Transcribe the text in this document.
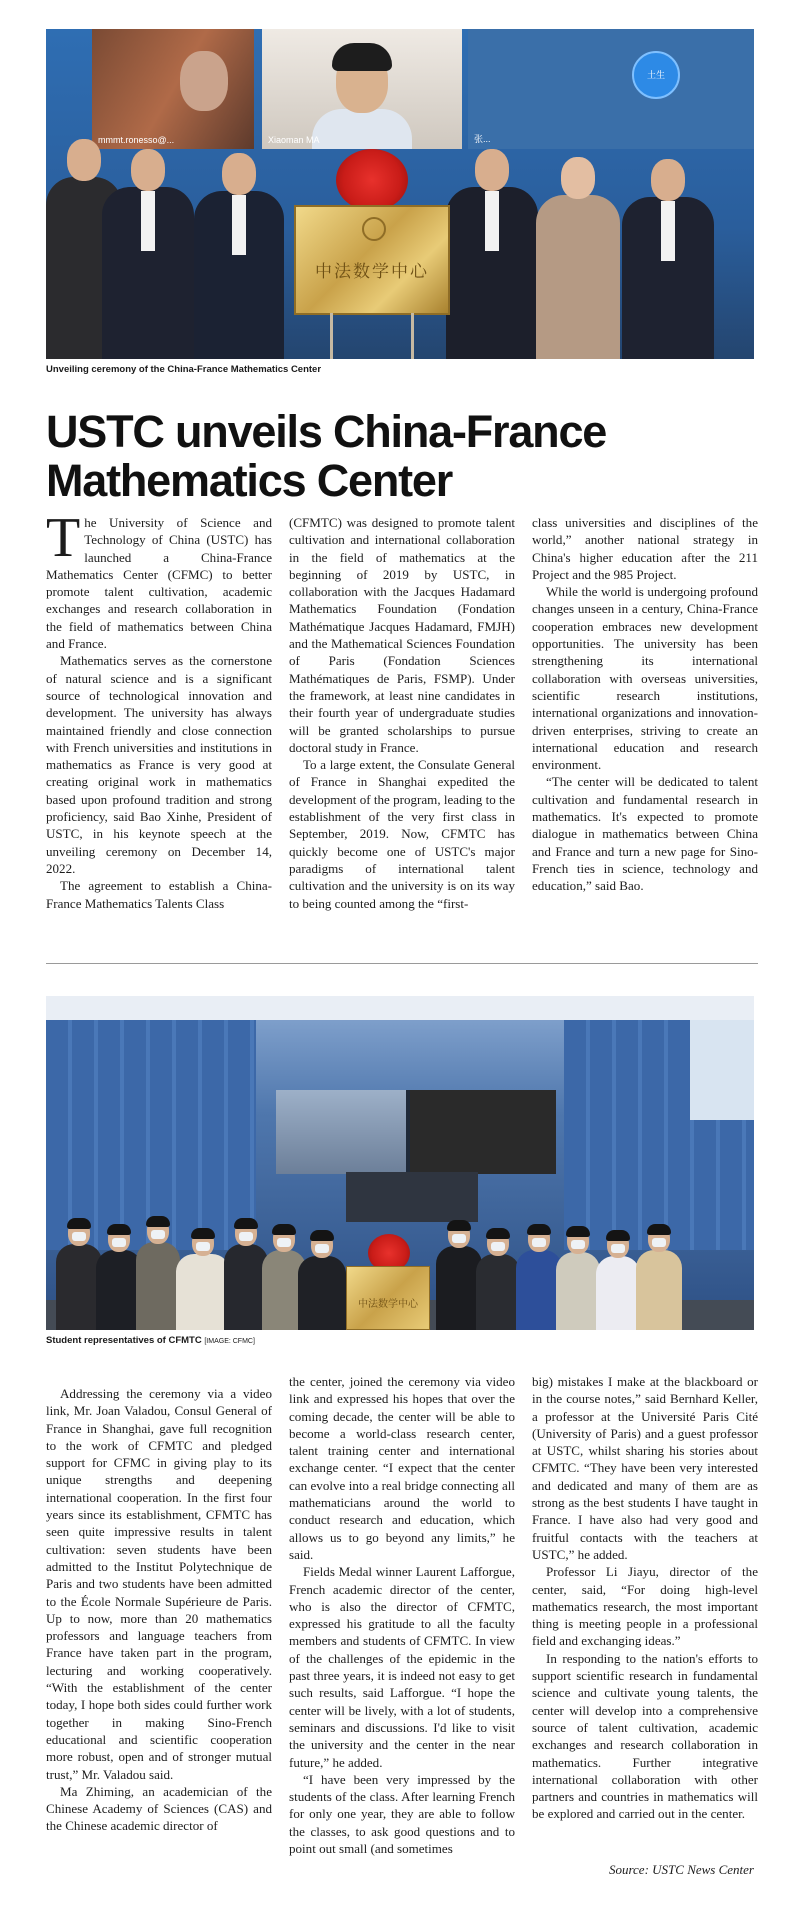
mmmt.ronesso@...	Xiaoman MA	张...
土生
中法数学中心
Unveiling ceremony of the China-France Mathematics Center
USTC unveils China-France Mathematics Center

The University of Science and Technology of China (USTC) has launched a China-France Mathematics Center (CFMC) to better promote talent cultivation, academic exchanges and research collaboration in the field of mathematics between China and France.

Mathematics serves as the cornerstone of natural science and is a significant source of technological innovation and development. The university has always maintained friendly and close connection with French universities and institutions in mathematics as France is very good at creating original work in mathematics based upon profound tradition and strong proficiency, said Bao Xinhe, President of USTC, in his keynote speech at the unveiling ceremony on December 14, 2022.

The agreement to establish a China-France Mathematics Talents Class

(CFMTC) was designed to promote talent cultivation and international collaboration in the field of mathematics at the beginning of 2019 by USTC, in collaboration with the Jacques Hadamard Mathematics Foundation (Fondation Mathématique Jacques Hadamard, FMJH) and the Mathematical Sciences Foundation of Paris (Fondation Sciences Mathématiques de Paris, FSMP). Under the framework, at least nine candidates in their fourth year of undergraduate studies will be granted scholarships to pursue doctoral study in France.

To a large extent, the Consulate General of France in Shanghai expedited the development of the program, leading to the establishment of the very first class in September, 2019. Now, CFMTC has quickly become one of USTC's major paradigms of international talent cultivation and the university is on its way to being counted among the “first-

class universities and disciplines of the world,” another national strategy in China's higher education after the 211 Project and the 985 Project.

While the world is undergoing profound changes unseen in a century, China-France cooperation embraces new development opportunities. The university has been strengthening its international collaboration with overseas universities, scientific research institutions, international organizations and innovation-driven enterprises, striving to create an international education and research environment.

“The center will be dedicated to talent cultivation and fundamental research in mathematics. It's expected to promote dialogue in mathematics between China and France and turn a new page for Sino-French ties in science, technology and education,” said Bao.

中法数学中心
Student representatives of CFMTC [IMAGE: CFMC]

Addressing the ceremony via a video link, Mr. Joan Valadou, Consul General of France in Shanghai, gave full recognition to the work of CFMTC and pledged support for CFMC in giving play to its unique strengths and deepening international cooperation. In the first four years since its establishment, CFMTC has seen quite impressive results in talent cultivation: seven students have been admitted to the Institut Polytechnique de Paris and two students have been admitted to the École Normale Supérieure de Paris. Up to now, more than 20 mathematics professors and language teachers from France have taken part in the program, lecturing and working cooperatively. “With the establishment of the center today, I hope both sides could further work together in making Sino-French educational and scientific cooperation more robust, open and of stronger mutual trust,” Mr. Valadou said.

Ma Zhiming, an academician of the Chinese Academy of Sciences (CAS) and the Chinese academic director of

the center, joined the ceremony via video link and expressed his hopes that over the coming decade, the center will be able to become a world-class research center, talent training center and international exchange center. “I expect that the center can evolve into a real bridge connecting all mathematicians around the world to conduct research and education, which allows us to go beyond any limits,” he said.

Fields Medal winner Laurent Lafforgue, French academic director of the center, who is also the director of CFMTC, expressed his gratitude to all the faculty members and students of CFMTC. In view of the challenges of the epidemic in the past three years, it is indeed not easy to get such results, said Lafforgue. “I hope the center will be lively, with a lot of students, seminars and discussions. I'd like to visit the university and the center in the near future,” he added.

“I have been very impressed by the students of the class. After learning French for only one year, they are able to follow the classes, to ask good questions and to point out small (and sometimes

big) mistakes I make at the blackboard or in the course notes,” said Bernhard Keller, a professor at the Université Paris Cité (University of Paris) and a guest professor at USTC, whilst sharing his stories about CFMTC. “They have been very interested and dedicated and many of them are as strong as the best students I have taught in France. I have also had very good and fruitful contacts with the teachers at USTC,” he added.

Professor Li Jiayu, director of the center, said, “For doing high-level mathematics research, the most important thing is meeting people in a professional field and exchanging ideas.”

In responding to the nation's efforts to support scientific research in fundamental science and cultivate young talents, the center will develop into a comprehensive source of talent cultivation, academic exchanges and research collaboration in mathematics. Further integrative international collaboration with other partners and countries in mathematics will be explored and carried out in the center.

Source: USTC News Center
